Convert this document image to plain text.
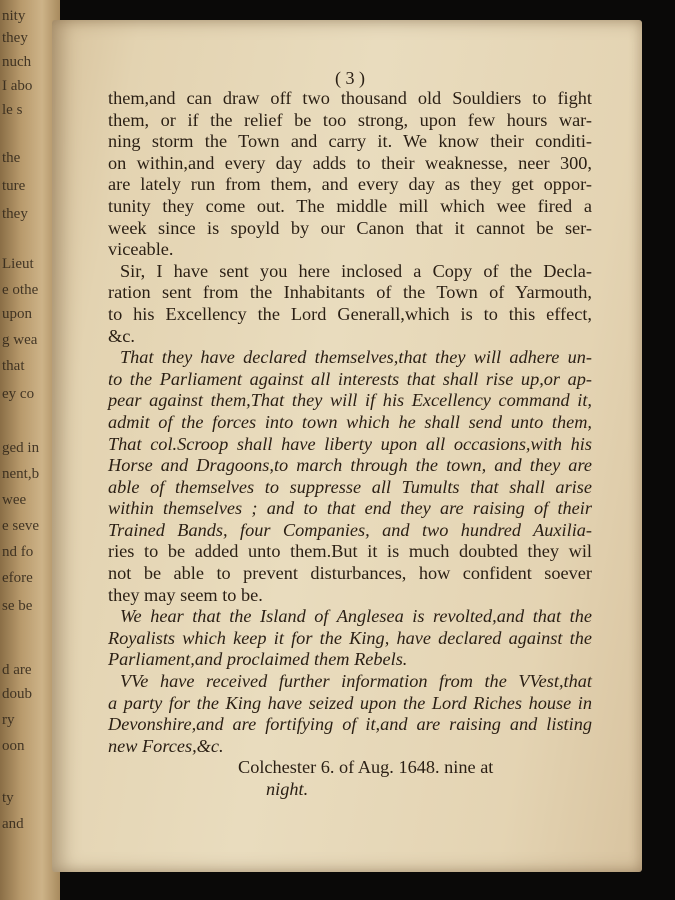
nity
they
nuch
I abo
le s
the
ture
they
Lieut
e othe
upon
g wea
that
ey co
ged in
nent,b
wee
e seve
nd fo
efore
se be
d are
doub
ry
oon
ty
and
( 3 )
them,and can draw off two thousand old Souldiers to fight
them, or if the relief be too strong, upon few hours war-
ning storm the Town and carry it. We know their conditi-
on within,and every day adds to their weaknesse, neer 300,
are lately run from them, and every day as they get oppor-
tunity they come out. The middle mill which wee fired a
week since is spoyld by our Canon that it cannot be ser-
viceable.
Sir, I have sent you here inclosed a Copy of the Decla-
ration sent from the Inhabitants of the Town of Yarmouth,
to his Excellency the Lord Generall,which is to this effect,
&c.
That they have declared themselves,that they will adhere un-
to the Parliament against all interests that shall rise up,or ap-
pear against them,That they will if his Excellency command it,
admit of the forces into town which he shall send unto them,
That col.Scroop shall have liberty upon all occasions,with his
Horse and Dragoons,to march through the town, and they are
able of themselves to suppresse all Tumults that shall arise
within themselves ; and to that end they are raising of their
Trained Bands, four Companies, and two hundred Auxilia-
ries to be added unto them.But it is much doubted they wil
not be able to prevent disturbances, how confident soever
they may seem to be.
We hear that the Island of Anglesea is revolted,and that the
Royalists which keep it for the King, have declared against the
Parliament,and proclaimed them Rebels.
VVe have received further information from the VVest,that
a party for the King have seized upon the Lord Riches house in
Devonshire,and are fortifying of it,and are raising and listing
new Forces,&c.
Colchester 6. of Aug. 1648. nine at
night.
